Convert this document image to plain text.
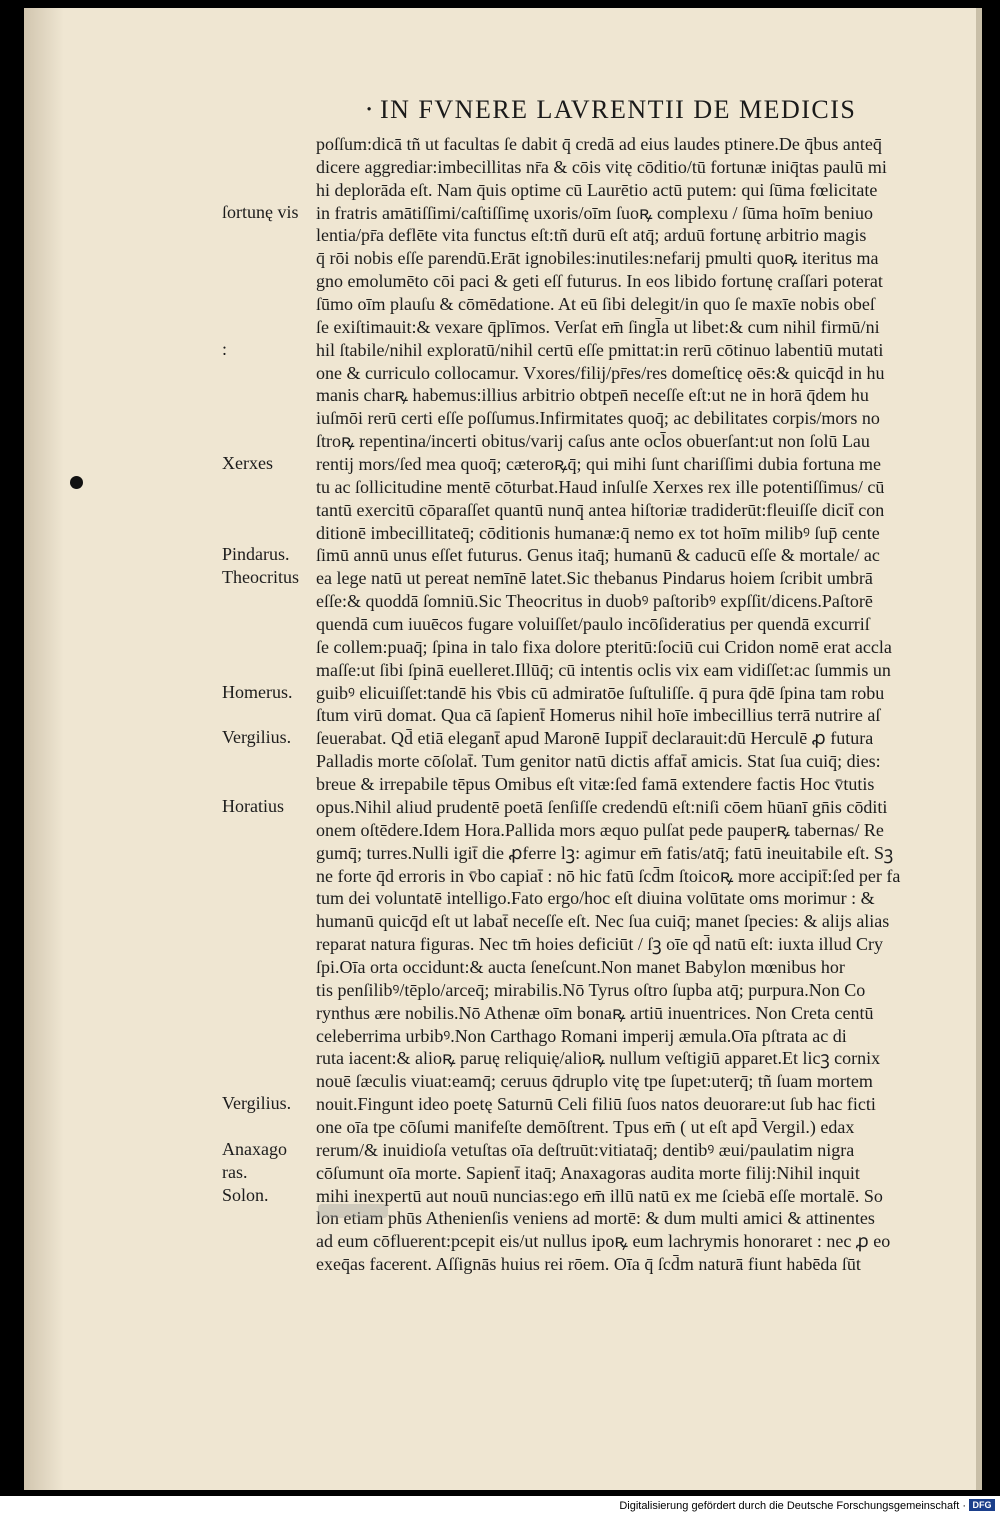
· IN FVNERE LAVRENTII DE MEDICIS
poſſum:dicā tñ ut facultas ſe dabit q̄ credā ad eius laudes ptinere.De q̄bus anteq̄̄
dicere aggrediar:imbecillitas nr̄a & cōis vitę cōditio/tū fortunæ iniq̄tas paulū mi
hi deplorāda eſt. Nam q̄uis optime cū Laurētio actū putem: qui ſūma fœlicitate
in fratris amātiſſimi/caſtiſſimę uxoris/oīm ſuoꝶ complexu / ſūma hoīm beniuo
lentia/pr̄a deflēte vita functus eſt:tñ durū eſt atq̄; arduū fortunę arbitrio magis
q̄ rōi nobis eſſe parendū.Erāt ignobiles:inutiles:nefarij pmulti quoꝶ iteritus ma
gno emolumēto cōi paci & geti eſſ futurus. In eos libido fortunę craſſari poterat
ſūmo oīm plauſu & cōmēdatione. At eū ſibi delegit/in quo ſe maxīe nobis obeſ
ſe exiſtimauit:& vexare q̄plīmos. Verſat em̄ ſingl̄a ut libet:& cum nihil firmū/ni
hil ſtabile/nihil exploratū/nihil certū eſſe pmittat:in rerū cōtinuo labentiū mutati
one & curriculo collocamur. Vxores/filij/pr̄es/res domeſticę oēs:& quicq̄d in hu
manis charꝶ habemus:illius arbitrio obtpen̄ neceſſe eſt:ut ne in horā q̄dem hu
iuſmōi rerū certi eſſe poſſumus.Infirmitates quoq̄; ac debilitates corpis/mors no
ſtroꝶ repentina/incerti obitus/varij caſus ante ocl̄os obuerſant:ut non ſolū Lau
rentij mors/ſed mea quoq̄; cæteroꝶq̄; qui mihi ſunt chariſſimi dubia fortuna me
tu ac ſollicitudine mentē cōturbat.Haud inſulſe Xerxes rex ille potentiſſimus/ cū
tantū exercitū cōparaſſet quantū nunq̄ antea hiſtoriæ tradiderūt:fleuiſſe dicit̄ con
ditionē imbecillitateq̄; cōditionis humanæ:q̄ nemo ex tot hoīm milibꝰ ſup̄ cente
ſimū annū unus eſſet futurus. Genus itaq̄; humanū & caducū eſſe & mortale/ ac
ea lege natū ut pereat nemīnē latet.Sic thebanus Pindarus hoiem ſcribit umbrā
eſſe:& quoddā ſomniū.Sic Theocritus in duobꝰ paſtoribꝰ expſſit/dicens.Paſtorē
quendā cum iuuēcos fugare voluiſſet/paulo incōſideratius per quendā excurriſ
ſe collem:puaq̄; ſpina in talo fixa dolore pteritū:ſociū cui Cridon nomē erat accla
maſſe:ut ſibi ſpinā euelleret.Illūq̄; cū intentis oclis vix eam vidiſſet:ac ſummis un
guibꝰ elicuiſſet:tandē his v̄bis cū admiratōe ſuſtuliſſe. q̄ pura q̄dē ſpina tam robu
ſtum virū domat. Qua cā ſapient̄ Homerus nihil hoīe imbecillius terrā nutrire aſ
ſeuerabat. Qd̄ etiā elegant̄ apud Maronē Iuppit̄ declarauit:dū Herculē ꝓ futura
Palladis morte cōſolat̄. Tum genitor natū dictis affat̄ amicis. Stat ſua cuiq̄; dies:
breue & irrepabile tēpus Omibus eſt vitæ:ſed famā extendere factis Hoc v̄tutis
opus.Nihil aliud prudentē poetā ſenſiſſe credendū eſt:niſi cōem hūanī gn̄is cōditi
onem oſtēdere.Idem Hora.Pallida mors æquo pulſat pede pauperꝶ tabernas/ Re
gumq̄; turres.Nulli igit̄ die ꝓferre lꝫ: agimur em̄ fatis/atq̄; fatū ineuitabile eſt. Sꝫ
ne forte q̄d erroris in v̄bo capiat̄ : nō hic fatū ſcd̄m ſtoicoꝶ more accipit̄:ſed per fa
tum dei voluntatē intelligo.Fato ergo/hoc eſt diuina volūtate oms morimur : &
humanū quicq̄d eſt ut labat̄ neceſſe eſt. Nec ſua cuiq̄; manet ſpecies: & alijs alias
reparat natura figuras. Nec tm̄ hoies deficiūt / ſꝫ oīe qd̄ natū eſt: iuxta illud Cry
ſpi.Oīa orta occidunt:& aucta ſeneſcunt.Non manet Babylon mœnibus hor
tis penſilibꝰ/tēplo/arceq̄; mirabilis.Nō Tyrus oſtro ſupba atq̄; purpura.Non Co
rynthus ære nobilis.Nō Athenæ oīm bonaꝶ artiū inuentrices. Non Creta centū
celeberrima urbibꝰ.Non Carthago Romani imperij æmula.Oīa pſtrata ac di
ruta iacent:& alioꝶ paruę reliquię/alioꝶ nullum veſtigiū apparet.Et licꝫ cornix
nouē ſæculis viuat:eamq̄; ceruus q̄druplo vitę tpe ſupet:uterq̄; tñ ſuam mortem
nouit.Fingunt ideo poetę Saturnū Celi filiū ſuos natos deuorare:ut ſub hac ficti
one oīa tpe cōſumi manifeſte demōſtrent. Tpus em̄ ( ut eſt apd̄ Vergil.) edax
rerum/& inuidioſa vetuſtas oīa deſtruūt:vitiataq̄; dentibꝰ æui/paulatim nigra
cōſumunt oīa morte. Sapient̄ itaq̄; Anaxagoras audita morte filij:Nihil inquit
mihi inexpertū aut nouū nuncias:ego em̄ illū natū ex me ſciebā eſſe mortalē. So
lon etiam phūs Athenienſis veniens ad mortē: & dum multi amici & attinentes
ad eum cōfluerent:pcepit eis/ut nullus ipoꝶ eum lachrymis honoraret : nec ꝓ eo
exeq̄as facerent. Aſſignās huius rei rōem. Oīa q̄ ſcd̄m naturā fiunt habēda ſūt
ſortunę vis
:
Xerxes
Pindarus.
Theocritus
Homerus.
Vergilius.
Horatius
Vergilius.
Anaxago
ras.
Solon.
Digitalisierung gefördert durch die Deutsche Forschungsgemeinschaft · DFG
